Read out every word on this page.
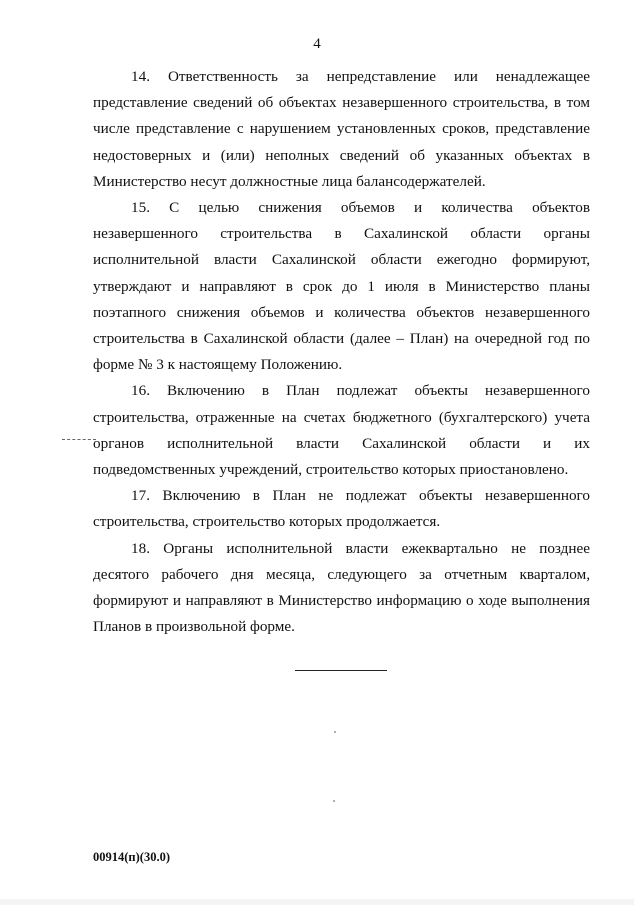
4

14. Ответственность за непредставление или ненадлежащее представление сведений об объектах незавершенного строительства, в том числе представление с нарушением установленных сроков, представление недостоверных и (или) неполных сведений об указанных объектах в Министерство несут должностные лица балансодержателей.

15. С целью снижения объемов и количества объектов незавершенного строительства в Сахалинской области органы исполнительной власти Сахалинской области ежегодно формируют, утверждают и направляют в срок до 1 июля в Министерство планы поэтапного снижения объемов и количества объектов незавершенного строительства в Сахалинской области (далее – План) на очередной год по форме № 3 к настоящему Положению.

16. Включению в План подлежат объекты незавершенного строительства, отраженные на счетах бюджетного (бухгалтерского) учета органов исполнительной власти Сахалинской области и их подведомственных учреждений, строительство которых приостановлено.

17. Включению в План не подлежат объекты незавершенного строительства, строительство которых продолжается.

18. Органы исполнительной власти ежеквартально не позднее десятого рабочего дня месяца, следующего за отчетным кварталом, формируют и направляют в Министерство информацию о ходе выполнения Планов в произвольной форме.

00914(п)(30.0)
